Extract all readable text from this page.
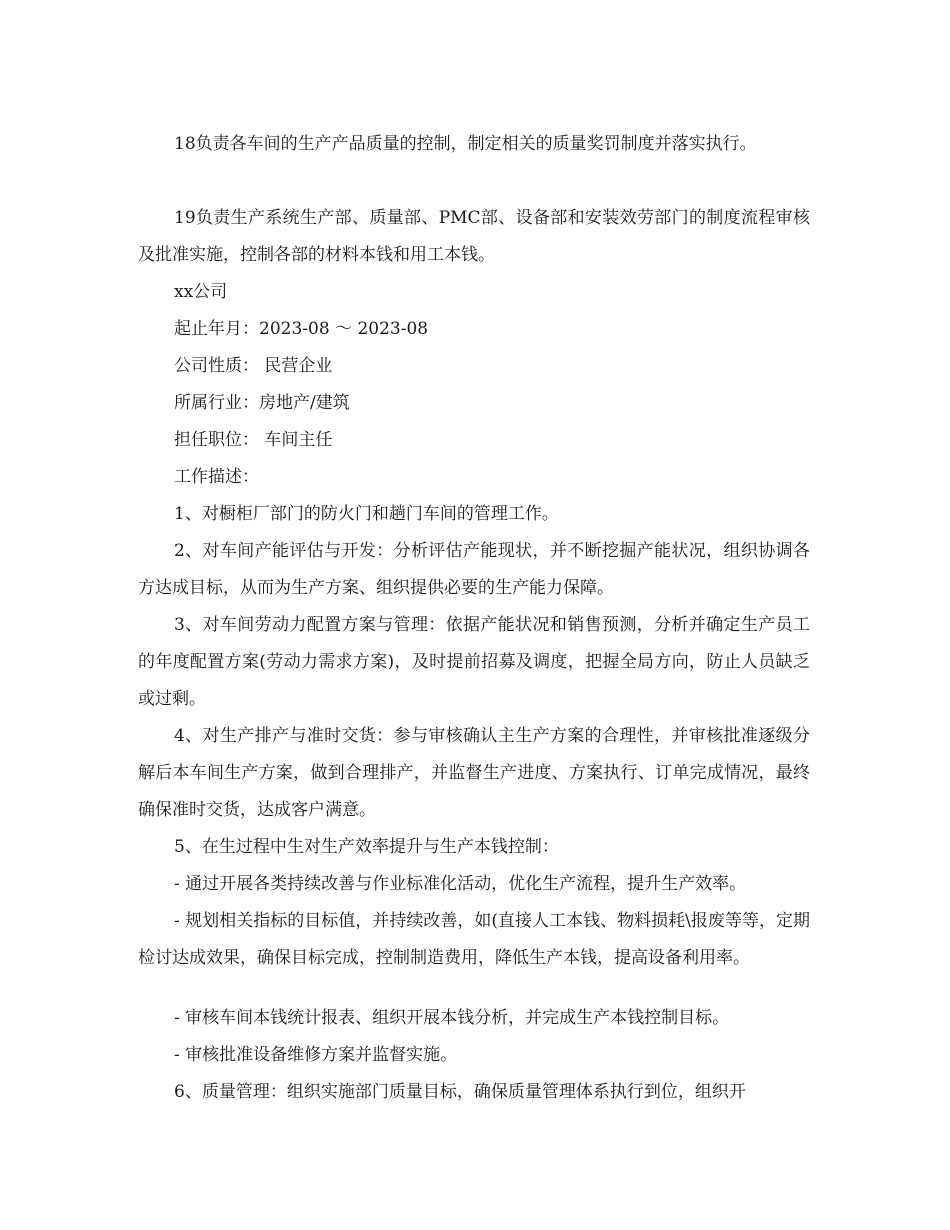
18负责各车间的生产产品质量的控制，制定相关的质量奖罚制度并落实执行。

19负责生产系统生产部、质量部、PMC部、设备部和安装效劳部门的制度流程审核及批准实施，控制各部的材料本钱和用工本钱。

xx公司

起止年月：2023-08 ～ 2023-08

公司性质： 民营企业

所属行业：房地产/建筑

担任职位： 车间主任

工作描述：

1、对橱柜厂部门的防火门和趟门车间的管理工作。

2、对车间产能评估与开发：分析评估产能现状，并不断挖掘产能状况，组织协调各方达成目标，从而为生产方案、组织提供必要的生产能力保障。

3、对车间劳动力配置方案与管理：依据产能状况和销售预测，分析并确定生产员工的年度配置方案(劳动力需求方案)，及时提前招募及调度，把握全局方向，防止人员缺乏或过剩。

4、对生产排产与准时交货：参与审核确认主生产方案的合理性，并审核批准逐级分解后本车间生产方案，做到合理排产，并监督生产进度、方案执行、订单完成情况，最终确保准时交货，达成客户满意。

5、在生过程中生对生产效率提升与生产本钱控制：

- 通过开展各类持续改善与作业标准化活动，优化生产流程，提升生产效率。

- 规划相关指标的目标值，并持续改善，如(直接人工本钱、物料损耗\报废等等，定期检讨达成效果，确保目标完成，控制制造费用，降低生产本钱，提高设备利用率。

- 审核车间本钱统计报表、组织开展本钱分析，并完成生产本钱控制目标。

- 审核批准设备维修方案并监督实施。

6、质量管理：组织实施部门质量目标，确保质量管理体系执行到位，组织开
